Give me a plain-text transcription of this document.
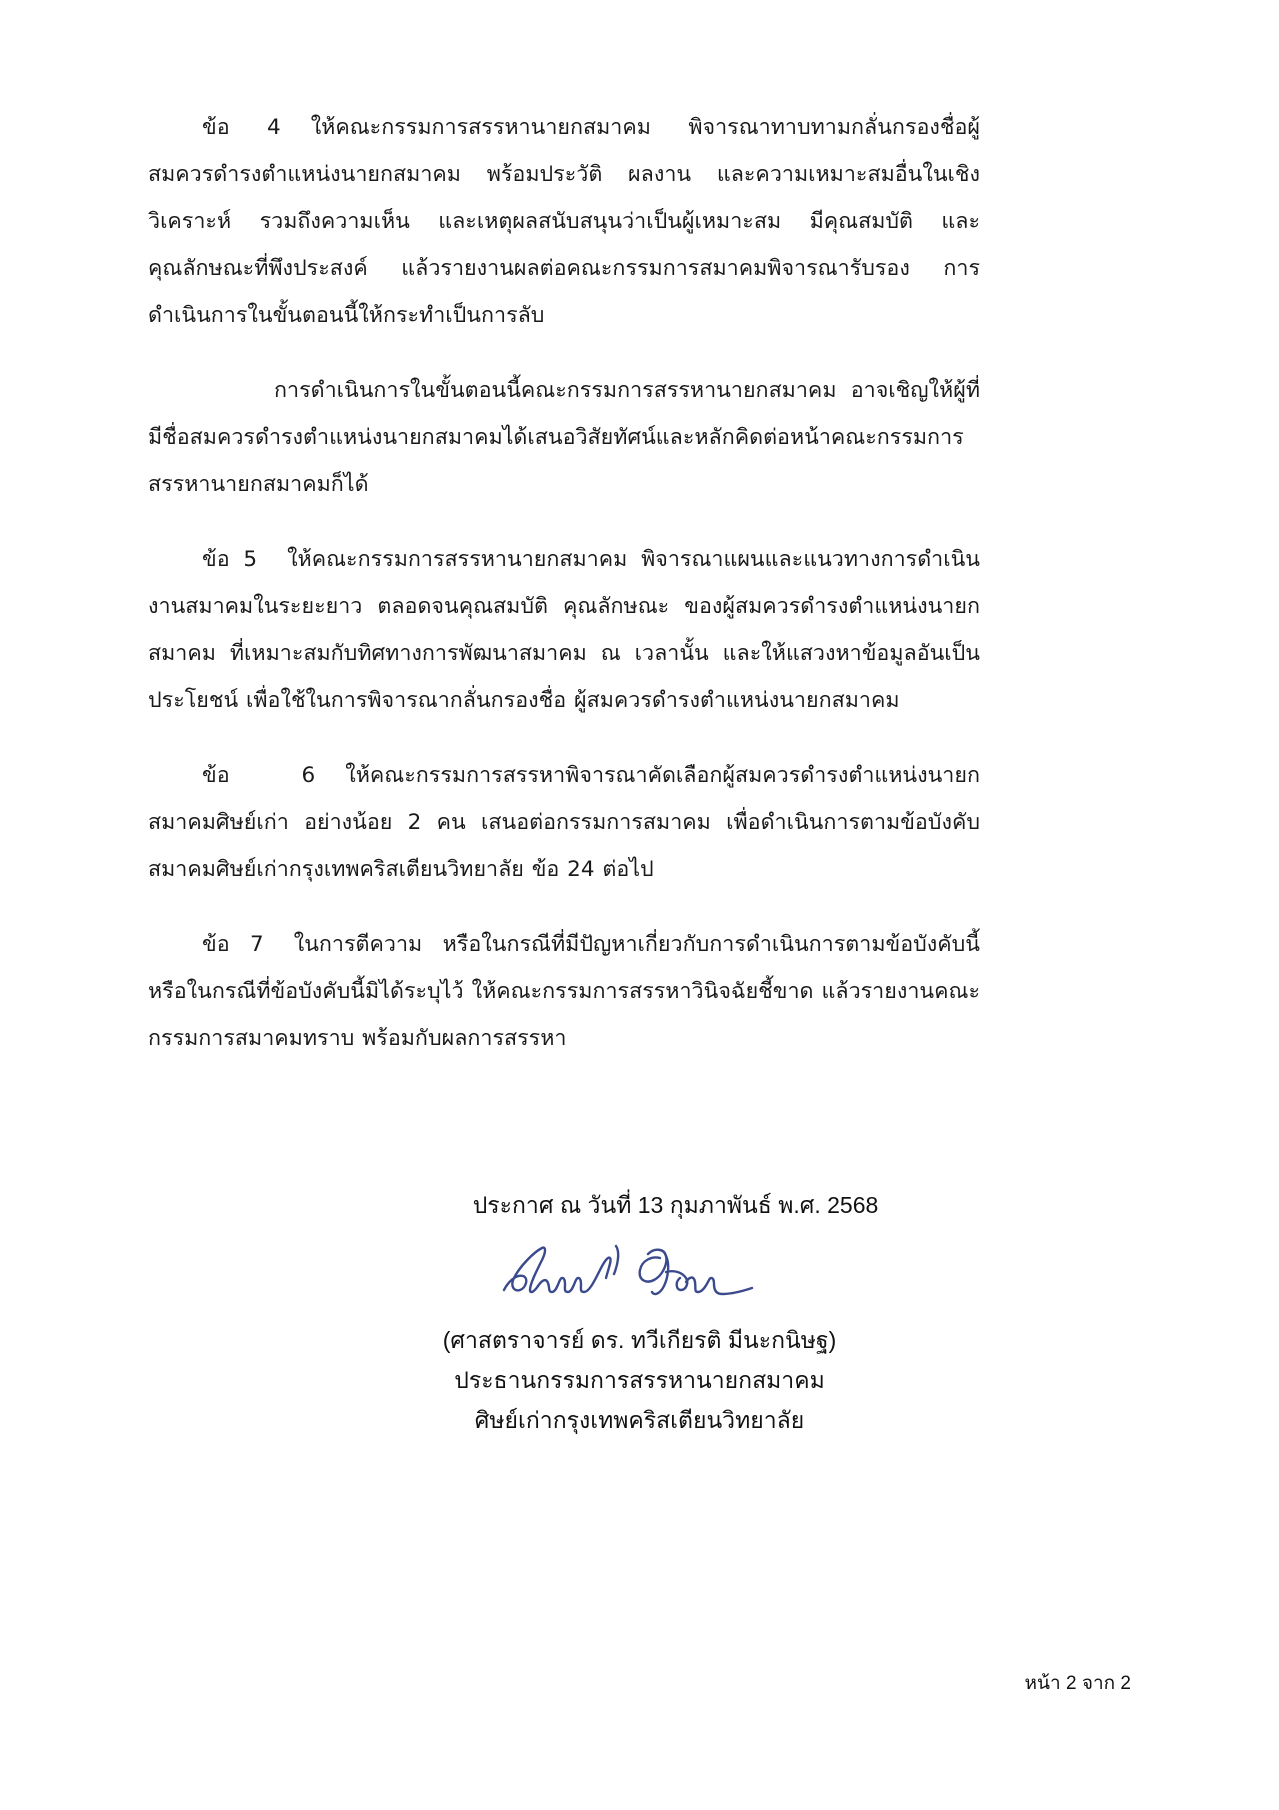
ข้อ 4 ให้คณะกรรมการสรรหานายกสมาคม พิจารณาทาบทามกลั่นกรองชื่อผู้สมควรดำรงตำแหน่งนายกสมาคม พร้อมประวัติ ผลงาน และความเหมาะสมอื่นในเชิงวิเคราะห์ รวมถึงความเห็น และเหตุผลสนับสนุนว่าเป็นผู้เหมาะสม มีคุณสมบัติ และคุณลักษณะที่พึงประสงค์ แล้วรายงานผลต่อคณะกรรมการสมาคมพิจารณารับรอง การดำเนินการในขั้นตอนนี้ให้กระทำเป็นการลับ

การดำเนินการในขั้นตอนนี้คณะกรรมการสรรหานายกสมาคม อาจเชิญให้ผู้ที่มีชื่อสมควรดำรงตำแหน่งนายกสมาคมได้เสนอวิสัยทัศน์และหลักคิดต่อหน้าคณะกรรมการสรรหานายกสมาคมก็ได้

ข้อ 5 ให้คณะกรรมการสรรหานายกสมาคม พิจารณาแผนและแนวทางการดำเนินงานสมาคมในระยะยาว ตลอดจนคุณสมบัติ คุณลักษณะ ของผู้สมควรดำรงตำแหน่งนายกสมาคม ที่เหมาะสมกับทิศทางการพัฒนาสมาคม ณ เวลานั้น และให้แสวงหาข้อมูลอันเป็นประโยชน์ เพื่อใช้ในการพิจารณากลั่นกรองชื่อ ผู้สมควรดำรงตำแหน่งนายกสมาคม

ข้อ 6 ให้คณะกรรมการสรรหาพิจารณาคัดเลือกผู้สมควรดำรงตำแหน่งนายกสมาคมศิษย์เก่า อย่างน้อย 2 คน เสนอต่อกรรมการสมาคม เพื่อดำเนินการตามข้อบังคับสมาคมศิษย์เก่ากรุงเทพคริสเตียนวิทยาลัย ข้อ 24 ต่อไป

ข้อ 7 ในการตีความ หรือในกรณีที่มีปัญหาเกี่ยวกับการดำเนินการตามข้อบังคับนี้หรือในกรณีที่ข้อบังคับนี้มิได้ระบุไว้ ให้คณะกรรมการสรรหาวินิจฉัยชี้ขาด แล้วรายงานคณะกรรมการสมาคมทราบ พร้อมกับผลการสรรหา

ประกาศ ณ วันที่ 13 กุมภาพันธ์ พ.ศ. 2568
(ศาสตราจารย์ ดร. ทวีเกียรติ มีนะกนิษฐ)
ประธานกรรมการสรรหานายกสมาคม
ศิษย์เก่ากรุงเทพคริสเตียนวิทยาลัย
หน้า 2 จาก 2
